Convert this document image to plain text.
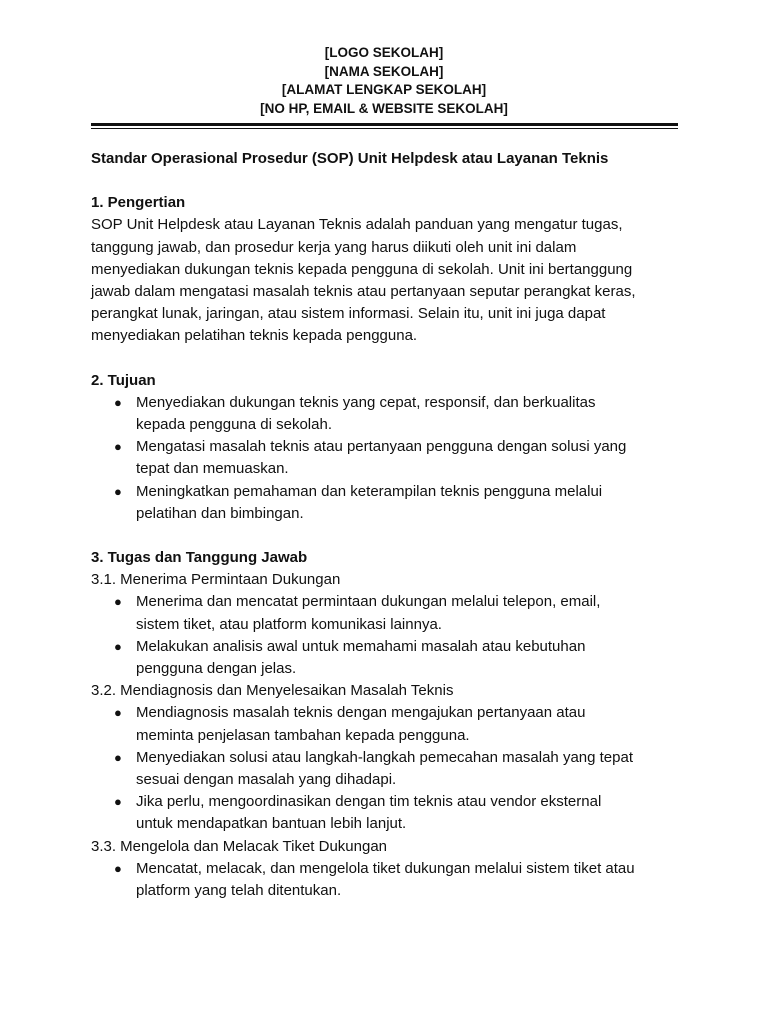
[LOGO SEKOLAH]
[NAMA SEKOLAH]
[ALAMAT LENGKAP SEKOLAH]
[NO HP, EMAIL & WEBSITE SEKOLAH]

Standar Operasional Prosedur (SOP) Unit Helpdesk atau Layanan Teknis

1. Pengertian

SOP Unit Helpdesk atau Layanan Teknis adalah panduan yang mengatur tugas,
tanggung jawab, dan prosedur kerja yang harus diikuti oleh unit ini dalam
menyediakan dukungan teknis kepada pengguna di sekolah. Unit ini bertanggung
jawab dalam mengatasi masalah teknis atau pertanyaan seputar perangkat keras,
perangkat lunak, jaringan, atau sistem informasi. Selain itu, unit ini juga dapat
menyediakan pelatihan teknis kepada pengguna.

2. Tujuan

● Menyediakan dukungan teknis yang cepat, responsif, dan berkualitas
kepada pengguna di sekolah.
● Mengatasi masalah teknis atau pertanyaan pengguna dengan solusi yang
tepat dan memuaskan.
● Meningkatkan pemahaman dan keterampilan teknis pengguna melalui
pelatihan dan bimbingan.

3. Tugas dan Tanggung Jawab

3.1. Menerima Permintaan Dukungan

● Menerima dan mencatat permintaan dukungan melalui telepon, email,
sistem tiket, atau platform komunikasi lainnya.
● Melakukan analisis awal untuk memahami masalah atau kebutuhan
pengguna dengan jelas.

3.2. Mendiagnosis dan Menyelesaikan Masalah Teknis

● Mendiagnosis masalah teknis dengan mengajukan pertanyaan atau
meminta penjelasan tambahan kepada pengguna.
● Menyediakan solusi atau langkah-langkah pemecahan masalah yang tepat
sesuai dengan masalah yang dihadapi.
● Jika perlu, mengoordinasikan dengan tim teknis atau vendor eksternal
untuk mendapatkan bantuan lebih lanjut.

3.3. Mengelola dan Melacak Tiket Dukungan

● Mencatat, melacak, dan mengelola tiket dukungan melalui sistem tiket atau
platform yang telah ditentukan.
